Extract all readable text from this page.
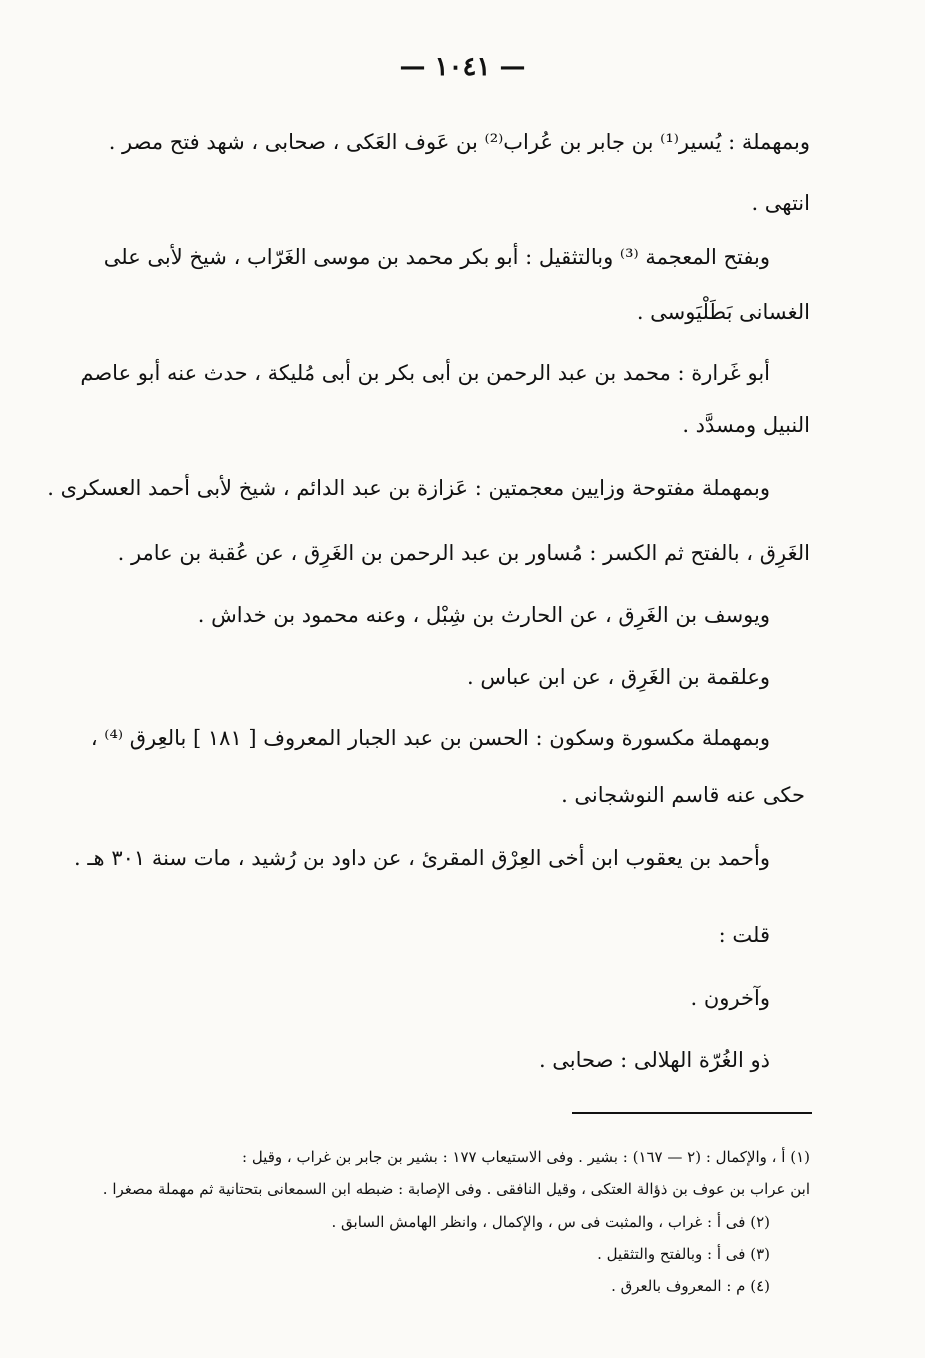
— ١٠٤١ —
وبمهملة : يُسير⁽¹⁾ بن جابر بن عُراب⁽²⁾ بن عَوف العَكى ، صحابى ، شهد فتح مصر .
انتهى .
وبفتح المعجمة ⁽³⁾ وبالتثقيل : أبو بكر محمد بن موسى الغَرّاب ، شيخ لأبى على
الغسانى بَطَلْيَوسى .
أبو غَرارة : محمد بن عبد الرحمن بن أبى بكر بن أبى مُليكة ، حدث عنه أبو عاصم
النبيل ومسدَّد .
وبمهملة مفتوحة وزايين معجمتين : عَزازة بن عبد الدائم ، شيخ لأبى أحمد العسكرى .
الغَرِق ، بالفتح ثم الكسر : مُساور بن عبد الرحمن بن الغَرِق ، عن عُقبة بن عامر .
ويوسف بن الغَرِق ، عن الحارث بن شِبْل ، وعنه محمود بن خداش .
وعلقمة بن الغَرِق ، عن ابن عباس .
وبمهملة مكسورة وسكون : الحسن بن عبد الجبار المعروف [ ١٨١ ] بالعِرق ⁽⁴⁾ ،
حكى عنه قاسم النوشجانى .
وأحمد بن يعقوب ابن أخى العِرْق المقرئ ، عن داود بن رُشيد ، مات سنة ٣٠١ هـ .
قلت :
وآخرون .
ذو الغُرّة الهلالى : صحابى .
(١) أ ، والإكمال : (٢ — ١٦٧) : بشير . وفى الاستيعاب ١٧٧ : بشير بن جابر بن غراب ، وقيل :
ابن عراب بن عوف بن ذؤالة العتكى ، وقيل النافقى . وفى الإصابة : ضبطه ابن السمعانى بتحتانية ثم مهملة مصغرا .
(٢) فى أ : غراب ، والمثبت فى س ، والإكمال ، وانظر الهامش السابق .
(٣) فى أ : وبالفتح والتثقيل .
(٤) م : المعروف بالعرق .
